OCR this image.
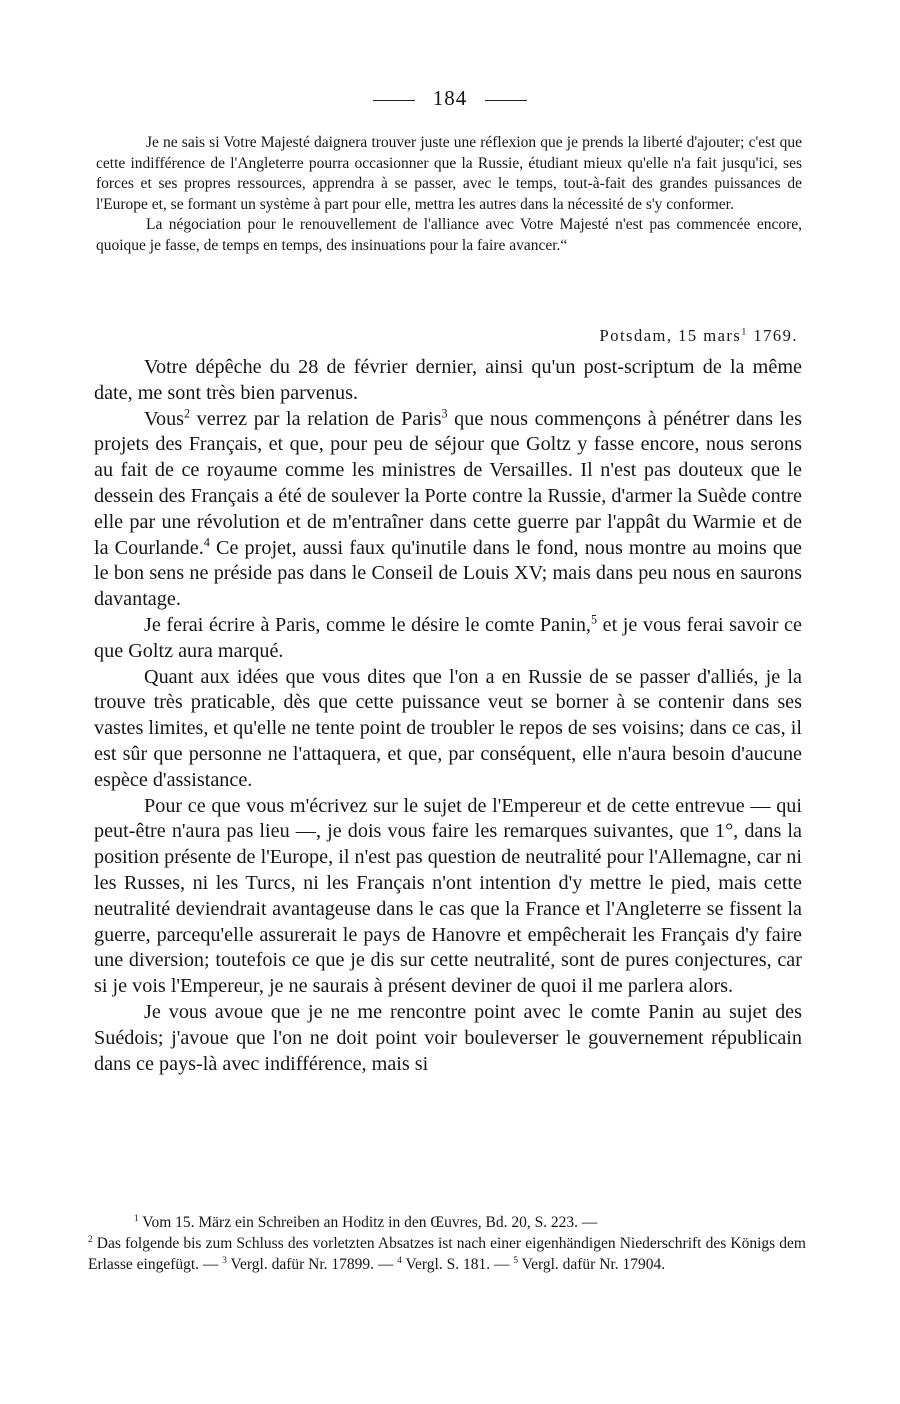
184

Je ne sais si Votre Majesté daignera trouver juste une réflexion que je prends la liberté d'ajouter; c'est que cette indifférence de l'Angleterre pourra occasionner que la Russie, étudiant mieux qu'elle n'a fait jusqu'ici, ses forces et ses propres ressources, apprendra à se passer, avec le temps, tout-à-fait des grandes puissances de l'Europe et, se formant un système à part pour elle, mettra les autres dans la nécessité de s'y conformer.

La négociation pour le renouvellement de l'alliance avec Votre Majesté n'est pas commencée encore, quoique je fasse, de temps en temps, des insinuations pour la faire avancer.“

Potsdam, 15 mars$^1$ 1769.

Votre dépêche du 28 de février dernier, ainsi qu'un post-scriptum de la même date, me sont très bien parvenus.

Vous$^2$ verrez par la relation de Paris$^3$ que nous commençons à pénétrer dans les projets des Français, et que, pour peu de séjour que Goltz y fasse encore, nous serons au fait de ce royaume comme les ministres de Versailles. Il n'est pas douteux que le dessein des Français a été de soulever la Porte contre la Russie, d'armer la Suède contre elle par une révolution et de m'entraîner dans cette guerre par l'appât du Warmie et de la Courlande.$^4$ Ce projet, aussi faux qu'inutile dans le fond, nous montre au moins que le bon sens ne préside pas dans le Conseil de Louis XV; mais dans peu nous en saurons davantage.

Je ferai écrire à Paris, comme le désire le comte Panin,$^5$ et je vous ferai savoir ce que Goltz aura marqué.

Quant aux idées que vous dites que l'on a en Russie de se passer d'alliés, je la trouve très praticable, dès que cette puissance veut se borner à se contenir dans ses vastes limites, et qu'elle ne tente point de troubler le repos de ses voisins; dans ce cas, il est sûr que personne ne l'attaquera, et que, par conséquent, elle n'aura besoin d'aucune espèce d'assistance.

Pour ce que vous m'écrivez sur le sujet de l'Empereur et de cette entrevue — qui peut-être n'aura pas lieu —, je dois vous faire les remarques suivantes, que 1°, dans la position présente de l'Europe, il n'est pas question de neutralité pour l'Allemagne, car ni les Russes, ni les Turcs, ni les Français n'ont intention d'y mettre le pied, mais cette neutralité deviendrait avantageuse dans le cas que la France et l'Angleterre se fissent la guerre, parcequ'elle assurerait le pays de Hanovre et empêcherait les Français d'y faire une diversion; toutefois ce que je dis sur cette neutralité, sont de pures conjectures, car si je vois l'Empereur, je ne saurais à présent deviner de quoi il me parlera alors.

Je vous avoue que je ne me rencontre point avec le comte Panin au sujet des Suédois; j'avoue que l'on ne doit point voir bouleverser le gouvernement républicain dans ce pays-là avec indifférence, mais si

$^1$ Vom 15. März ein Schreiben an Hoditz in den Œuvres, Bd. 20, S. 223. —

$^2$ Das folgende bis zum Schluss des vorletzten Absatzes ist nach einer eigenhändigen Niederschrift des Königs dem Erlasse eingefügt. — $^3$ Vergl. dafür Nr. 17899. — $^4$ Vergl. S. 181. — $^5$ Vergl. dafür Nr. 17904.
